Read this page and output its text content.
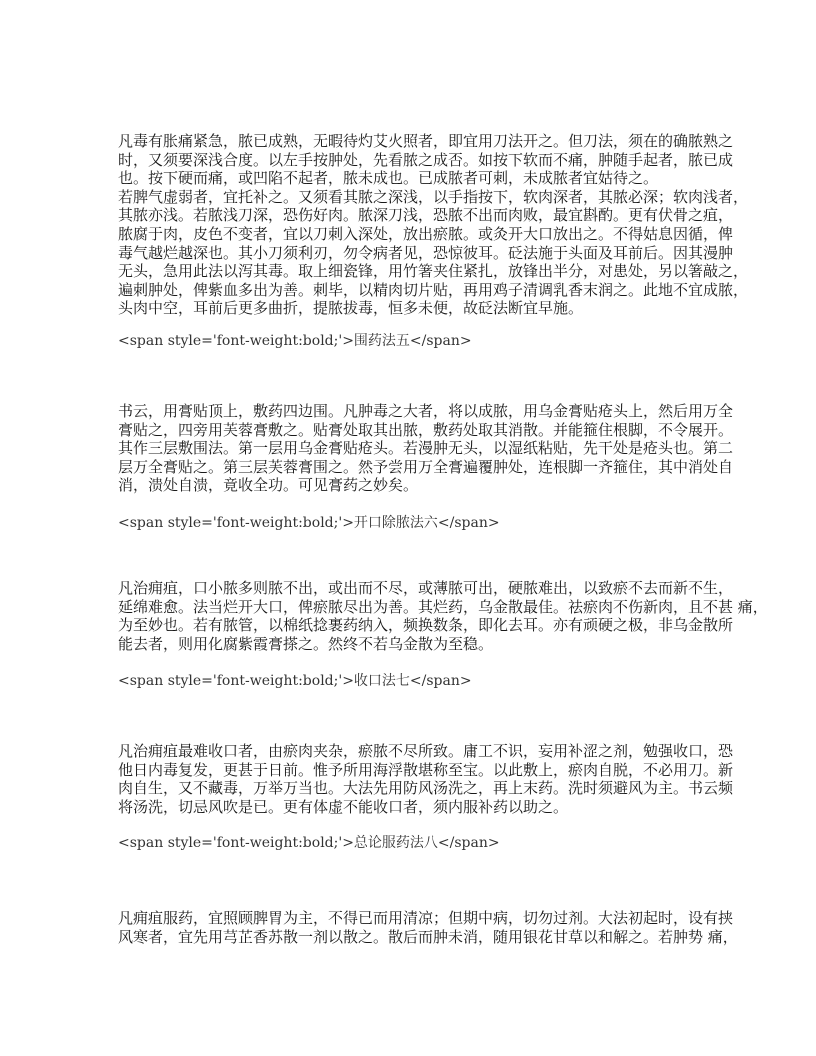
凡毒有胀痛紧急，脓已成熟，无暇待灼艾火照者，即宜用刀法开之。但刀法，须在的确脓熟之
时，又须要深浅合度。以左手按肿处，先看脓之成否。如按下软而不痛，肿随手起者，脓已成
也。按下硬而痛，或凹陷不起者，脓未成也。已成脓者可刺，未成脓者宜姑待之。
若脾气虚弱者，宜托补之。又须看其脓之深浅，以手指按下，软肉深者，其脓必深；软肉浅者，
其脓亦浅。若脓浅刀深，恐伤好肉。脓深刀浅，恐脓不出而肉败，最宜斟酌。更有伏骨之疽，
脓腐于肉，皮色不变者，宜以刀刺入深处，放出瘀脓。或灸开大口放出之。不得姑息因循，俾
毒气越烂越深也。其小刀须利刃，勿令病者见，恐惊彼耳。砭法施于头面及耳前后。因其漫肿
无头，急用此法以泻其毒。取上细瓷锋，用竹箸夹住紧扎，放锋出半分，对患处，另以箸敲之，
遍刺肿处，俾紫血多出为善。刺毕，以精肉切片贴，再用鸡子清调乳香末润之。此地不宜成脓，
头肉中空，耳前后更多曲折，提脓拔毒，恒多未便，故砭法断宜早施。
<span style='font-weight:bold;'>围药法五</span>
书云，用膏贴顶上，敷药四边围。凡肿毒之大者，将以成脓，用乌金膏贴疮头上，然后用万全
膏贴之，四旁用芙蓉膏敷之。贴膏处取其出脓，敷药处取其消散。并能箍住根脚，不令展开。
其作三层敷围法。第一层用乌金膏贴疮头。若漫肿无头，以湿纸粘贴，先干处是疮头也。第二
层万全膏贴之。第三层芙蓉膏围之。然予尝用万全膏遍覆肿处，连根脚一齐箍住，其中消处自
消，溃处自溃，竟收全功。可见膏药之妙矣。
<span style='font-weight:bold;'>开口除脓法六</span>
凡治痈疽，口小脓多则脓不出，或出而不尽，或薄脓可出，硬脓难出，以致瘀不去而新不生，
延绵难愈。法当烂开大口，俾瘀脓尽出为善。其烂药，乌金散最佳。祛瘀肉不伤新肉，且不甚 痛，
为至妙也。若有脓管，以棉纸捻裹药纳入，频换数条，即化去耳。亦有顽硬之极，非乌金散所
能去者，则用化腐紫霞膏搽之。然终不若乌金散为至稳。
<span style='font-weight:bold;'>收口法七</span>
凡治痈疽最难收口者，由瘀肉夹杂，瘀脓不尽所致。庸工不识，妄用补涩之剂，勉强收口，恐
他日内毒复发，更甚于日前。惟予所用海浮散堪称至宝。以此敷上，瘀肉自脱，不必用刀。新
肉自生，又不藏毒，万举万当也。大法先用防风汤洗之，再上末药。洗时须避风为主。书云频
将汤洗，切忌风吹是已。更有体虚不能收口者，须内服补药以助之。
<span style='font-weight:bold;'>总论服药法八</span>
凡痈疽服药，宜照顾脾胃为主，不得已而用清凉；但期中病，切勿过剂。大法初起时，设有挟
风寒者，宜先用芎芷香苏散一剂以散之。散后而肿未消，随用银花甘草以和解之。若肿势 痛，
